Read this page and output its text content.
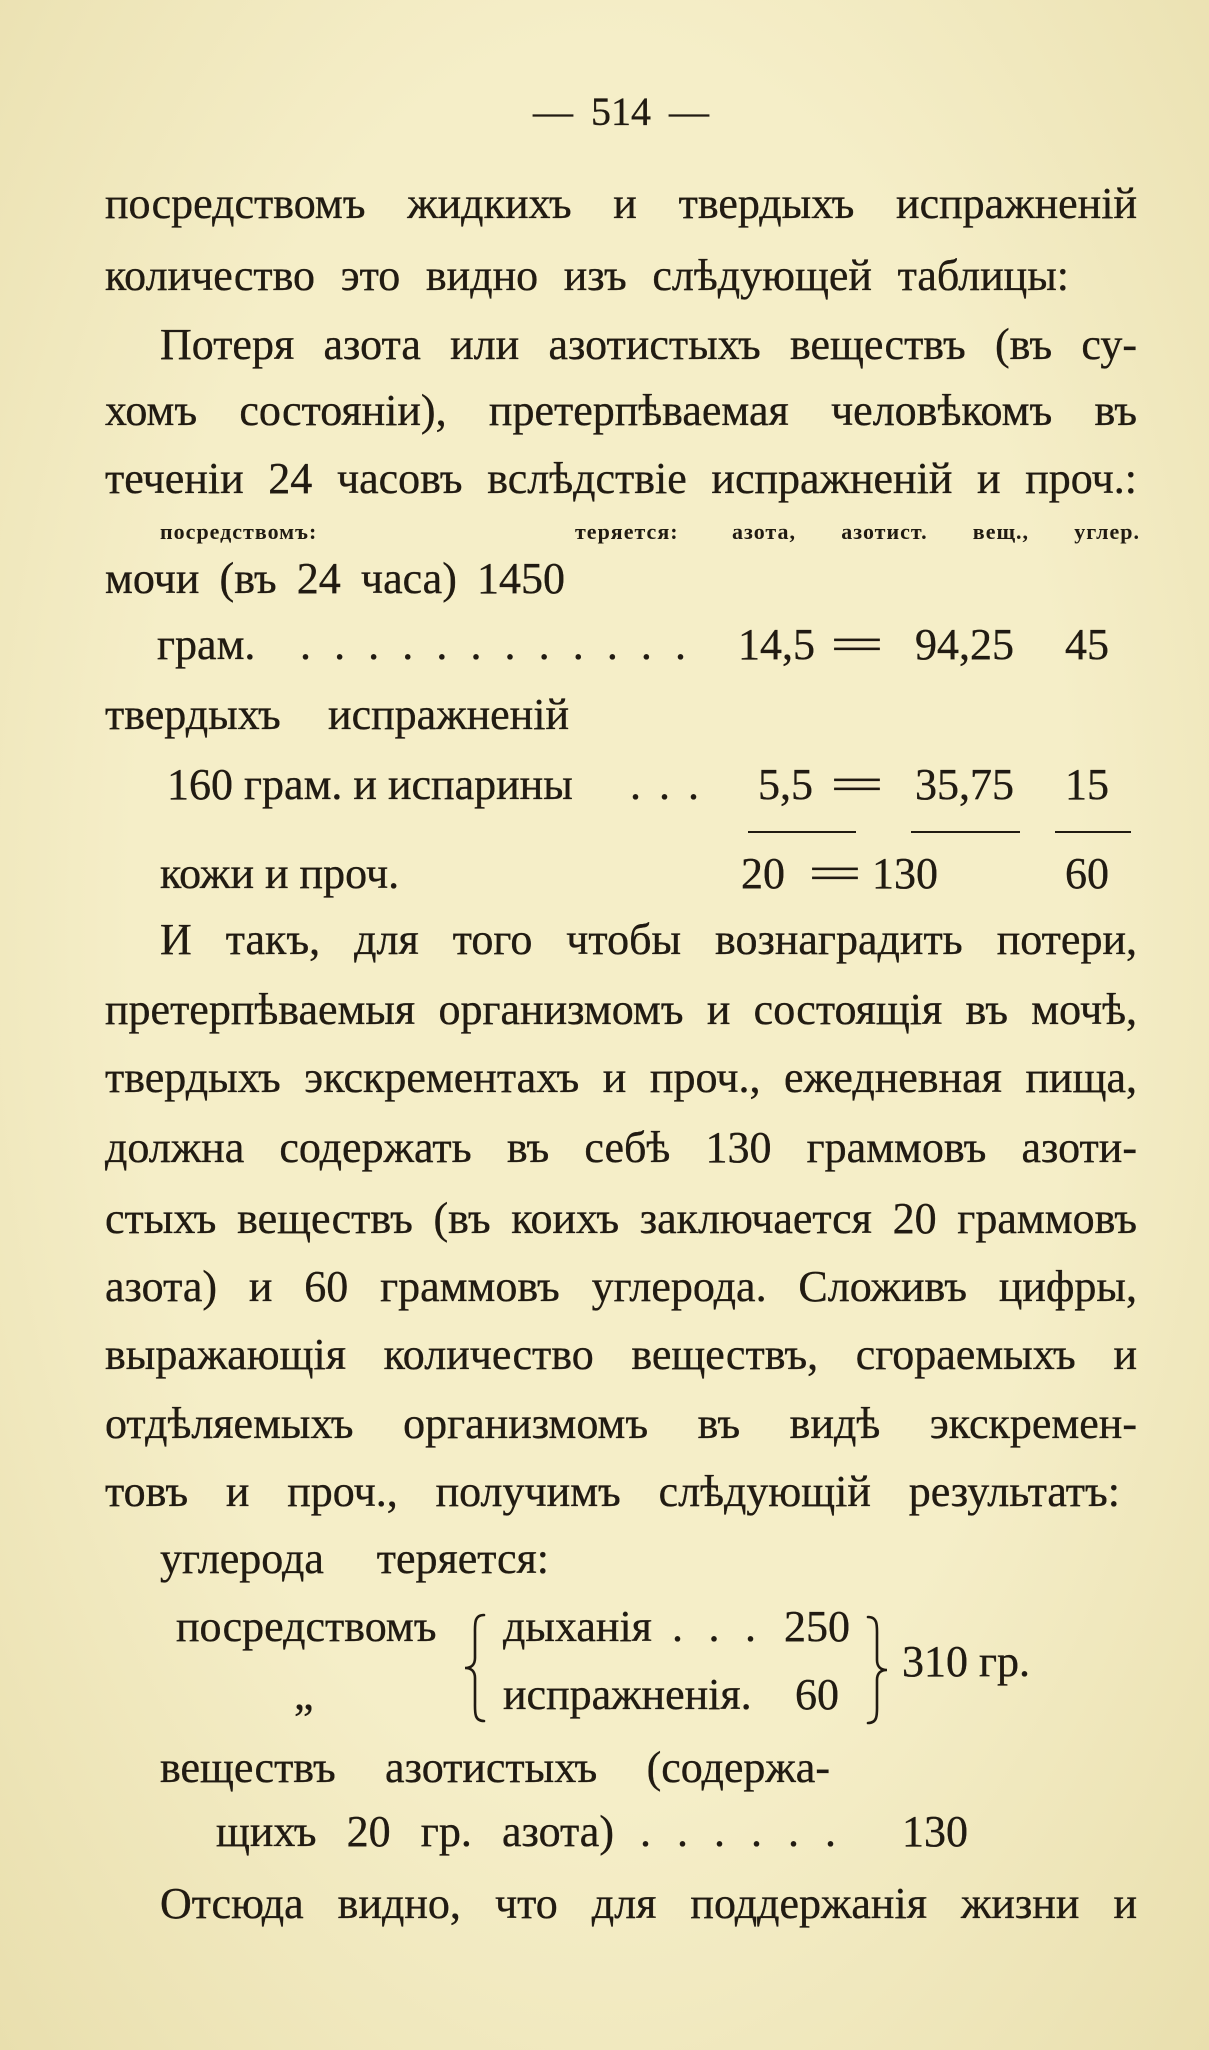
— 514 —
посредствомъ жидкихъ и твердыхъ испражненій
количество это видно изъ слѣдующей таблицы:
Потеря азота или азотистыхъ веществъ (въ су-
хомъ состояніи), претерпѣваемая человѣкомъ въ
теченіи 24 часовъ вслѣдствіе испражненій и проч.:
посредствомъ:	теряется: азота, азотист. вещ., углер.
мочи (въ 24 часа) 1450
грам. . . . . . . . . . . . . 14,5 = 94,25 45
твердыхъ испражненій
160 грам. и испарины . . . 5,5 = 35,75 15
кожи и проч.	20 = 130	60
И такъ, для того чтобы вознаградить потери,
претерпѣваемыя организмомъ и состоящія въ мочѣ,
твердыхъ экскрементахъ и проч., ежедневная пища,
должна содержать въ себѣ 130 граммовъ азоти-
стыхъ веществъ (въ коихъ заключается 20 граммовъ
азота) и 60 граммовъ углерода. Сложивъ цифры,
выражающія количество веществъ, сгораемыхъ и
отдѣляемыхъ организмомъ въ видѣ экскремен-
товъ и проч., получимъ слѣдующій результатъ:
углерода теряется:
посредствомъ дыханія . . . 250
„	испражненія. 60
310 гр.
веществъ азотистыхъ (содержа-
щихъ 20 гр. азота) . . . . . . 130
Отсюда видно, что для поддержанія жизни и
